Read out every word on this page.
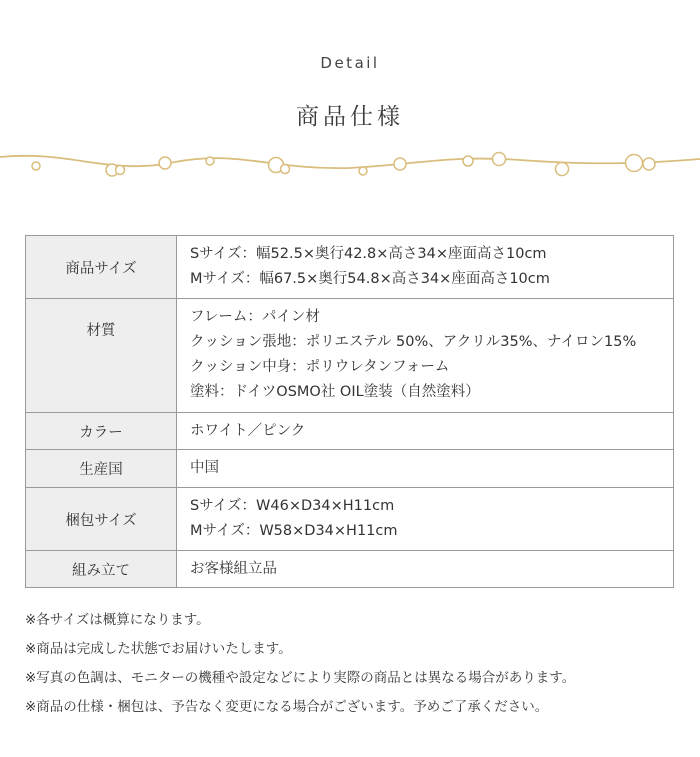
Detail
商品仕様
商品サイズ	Sサイズ：幅52.5×奥行42.8×高さ34×座面高さ10cm
Mサイズ：幅67.5×奥行54.8×高さ34×座面高さ10cm

材質	フレーム：パイン材
クッション張地：ポリエステル 50%、アクリル35%、ナイロン15%
クッション中身：ポリウレタンフォーム
塗料：ドイツOSMO社 OIL塗装（自然塗料）

カラー	ホワイト／ピンク

生産国	中国

梱包サイズ	Sサイズ：W46×D34×H11cm
Mサイズ：W58×D34×H11cm

組み立て	お客様組立品
※各サイズは概算になります。
※商品は完成した状態でお届けいたします。
※写真の色調は、モニターの機種や設定などにより実際の商品とは異なる場合があります。
※商品の仕様・梱包は、予告なく変更になる場合がございます。予めご了承ください。
